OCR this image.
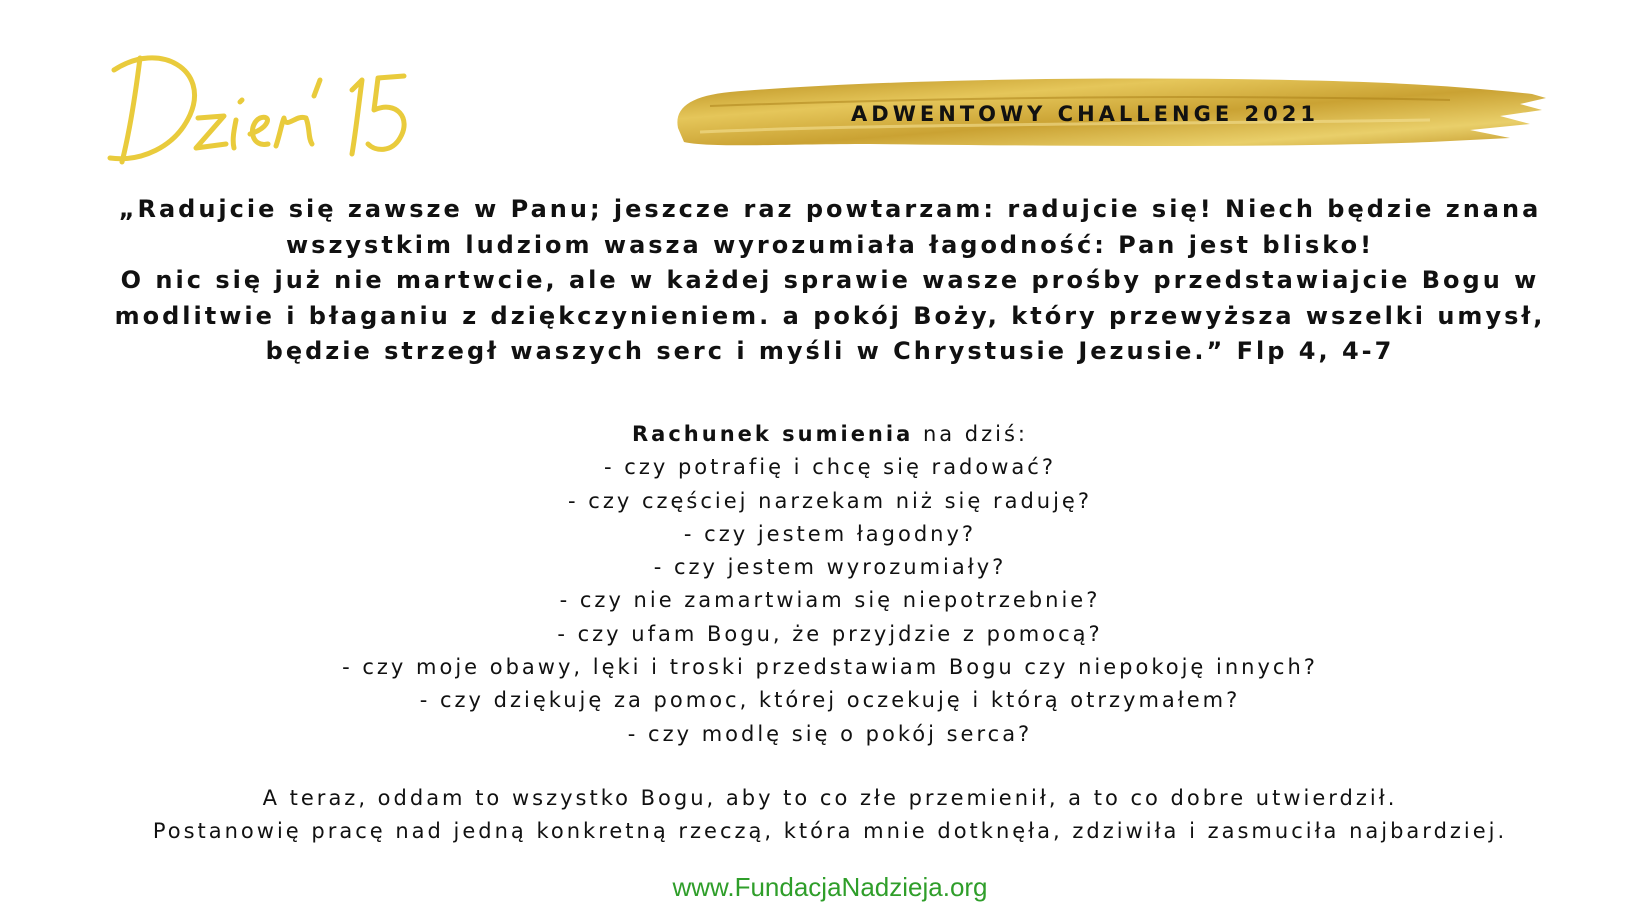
ADWENTOWY CHALLENGE 2021
„Radujcie się zawsze w Panu; jeszcze raz powtarzam: radujcie się! Niech będzie znana
wszystkim ludziom wasza wyrozumiała łagodność: Pan jest blisko!
O nic się już nie martwcie, ale w każdej sprawie wasze prośby przedstawiajcie Bogu w
modlitwie i błaganiu z dziękczynieniem. a pokój Boży, który przewyższa wszelki umysł,
będzie strzegł waszych serc i myśli w Chrystusie Jezusie.” Flp 4, 4-7
Rachunek sumienia na dziś:
- czy potrafię i chcę się radować?
- czy częściej narzekam niż się raduję?
- czy jestem łagodny?
- czy jestem wyrozumiały?
- czy nie zamartwiam się niepotrzebnie?
- czy ufam Bogu, że przyjdzie z pomocą?
- czy moje obawy, lęki i troski przedstawiam Bogu czy niepokoję innych?
- czy dziękuję za pomoc, której oczekuję i którą otrzymałem?
- czy modlę się o pokój serca?
A teraz, oddam to wszystko Bogu, aby to co złe przemienił, a to co dobre utwierdził.
Postanowię pracę nad jedną konkretną rzeczą, która mnie dotknęła, zdziwiła i zasmuciła najbardziej.
www.FundacjaNadzieja.org
